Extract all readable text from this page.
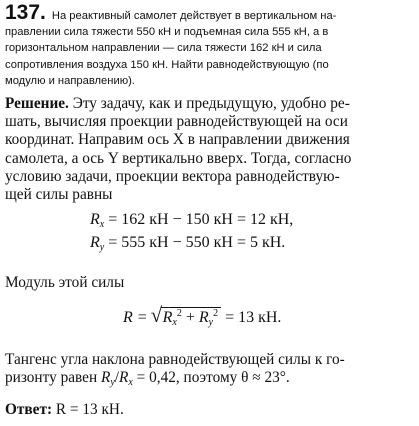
137. На реактивный самолет действует в вертикальном на-
правлении сила тяжести 550 кН и подъемная сила 555 кН, а в
горизонтальном направлении — сила тяжести 162 кН и сила
сопротивления воздуха 150 кН. Найти равнодействующую (по
модулю и направлению).
Решение. Эту задачу, как и предыдущую, удобно ре-
шать, вычисляя проекции равнодействующей на оси
координат. Направим ось X в направлении движения
самолета, а ось Y вертикально вверх. Тогда, согласно
условию задачи, проекции вектора равнодействую-
щей силы равны
$R_x = 162$ кН − 150 кН = 12 кН,
$R_y = 555$ кН − 550 кН = 5 кН.
Модуль этой силы
R = √ $R_x^2 + R_y^2 = 13$ кН.
Тангенс угла наклона равнодействующей силы к го-
ризонту равен $R_y/R_x = 0,42$, поэтому θ ≈ 23°.
Ответ: R = 13 кН.
